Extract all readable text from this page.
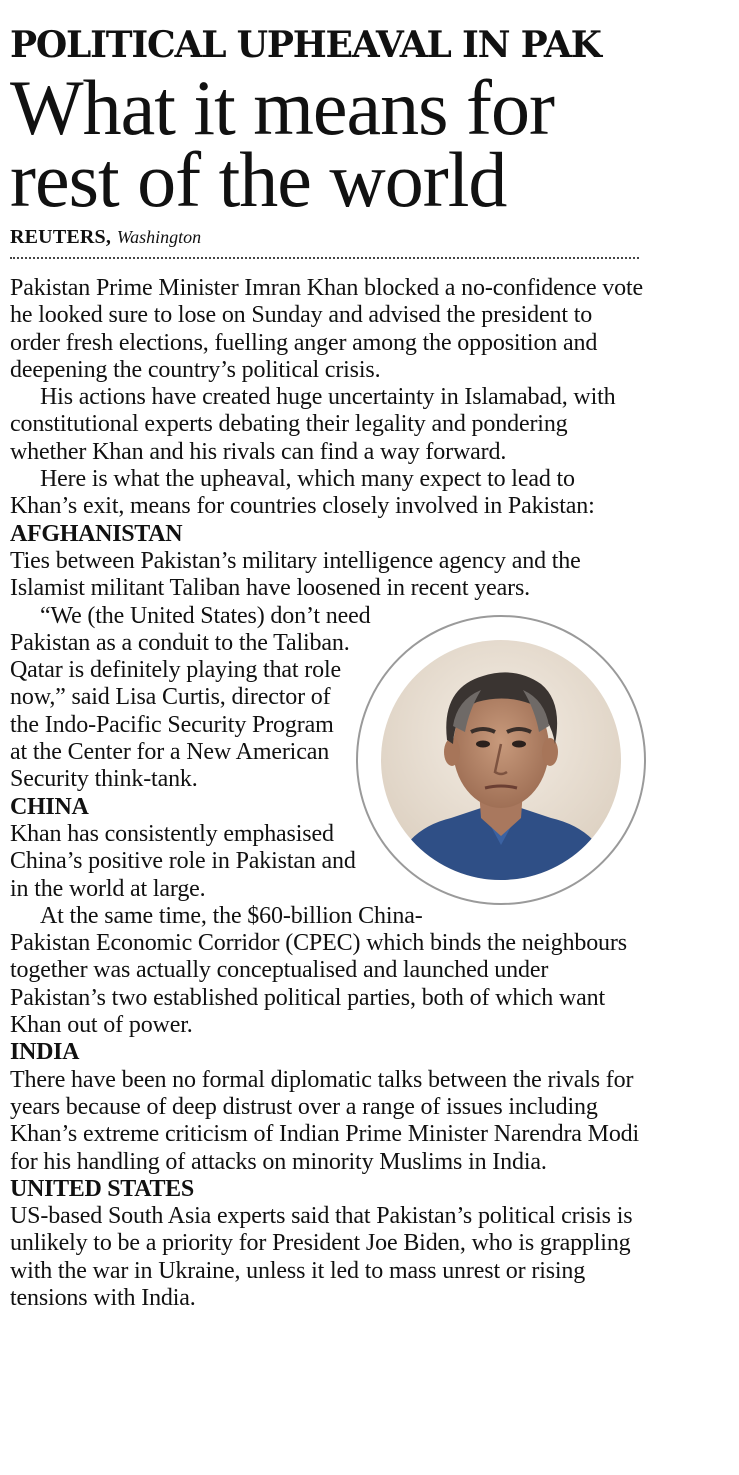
POLITICAL UPHEAVAL IN PAK
What it means for
rest of the world
REUTERS, Washington

Pakistan Prime Minister Imran Khan blocked a no-confidence vote he looked sure to lose on Sunday and advised the president to order fresh elections, fuelling anger among the opposition and deepening the country’s political crisis.

His actions have created huge uncertainty in Islamabad, with constitutional experts debating their legality and pondering whether Khan and his rivals can find a way forward.

Here is what the upheaval, which many expect to lead to Khan’s exit, means for countries closely involved in Pakistan:

AFGHANISTAN

Ties between Pakistan’s military intelligence agency and the Islamist militant Taliban have loosened in recent years.

“We (the United States) don’t need Pakistan as a conduit to the Taliban. Qatar is definitely playing that role now,” said Lisa Curtis, director of the Indo-Pacific Security Program at the Center for a New American Security think-tank.

CHINA

Khan has consistently emphasised China’s positive role in Pakistan and in the world at large.

At the same time, the $60-billion China-Pakistan Economic Corridor (CPEC) which binds the neighbours together was actually conceptualised and launched under Pakistan’s two established political parties, both of which want Khan out of power.

INDIA

There have been no formal diplomatic talks between the rivals for years because of deep distrust over a range of issues including Khan’s extreme criticism of Indian Prime Minister Narendra Modi for his handling of attacks on minority Muslims in India.

UNITED STATES

US-based South Asia experts said that Pakistan’s political crisis is unlikely to be a priority for President Joe Biden, who is grappling with the war in Ukraine, unless it led to mass unrest or rising tensions with India.
